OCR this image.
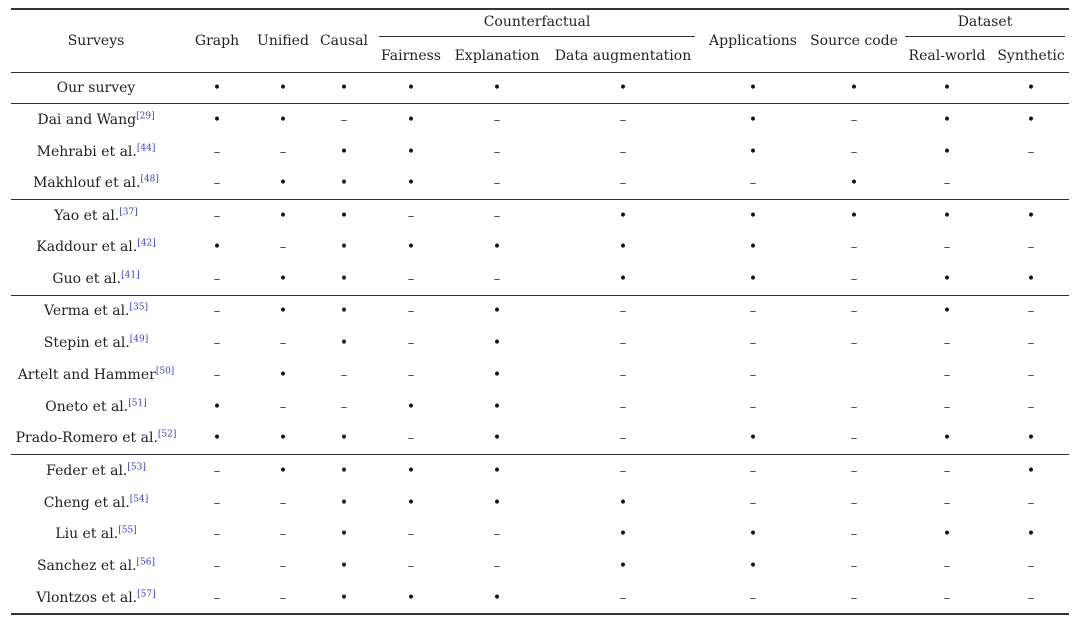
Surveys	Graph	Unified	Causal	Counterfactual			Applications	Source code	Dataset	

				Fairness	Explanation	Data augmentation			Real-world	Synthetic
Our survey	•	•	•	•	•	•	•	•	•	•
Dai and Wang[29]	•	•	–	•	–	–	•	–	•	•
Mehrabi et al.[44]	–	–	•	•	–	–	•	–	•	–
Makhlouf et al.[48]	–	•	•	•	–	–	–	•	–	
Yao et al.[37]	–	•	•	–	–	•	•	•	•	•
Kaddour et al.[42]	•	–	•	•	•	•	•	–	–	–
Guo et al.[41]	–	•	•	–	–	•	•	–	•	•
Verma et al.[35]	–	•	•	–	•	–	–	–	•	–
Stepin et al.[49]	–	–	•	–	•	–	–	–	–	–
Artelt and Hammer[50]	–	•	–	–	•	–	–		–	–
Oneto et al.[51]	•	–	–	•	•	–	–	–	–	–
Prado-Romero et al.[52]	•	•	•	–	•	–	•	–	•	•
Feder et al.[53]	–	•	•	•	•	–	–	–	–	•
Cheng et al.[54]	–	–	•	•	•	•	–	–	–	–
Liu et al.[55]	–	–	•	–	–	•	•	–	•	•
Sanchez et al.[56]	–	–	•	–	–	•	•	–	–	–
Vlontzos et al.[57]	–	–	•	•	•	–	–	–	–	–
